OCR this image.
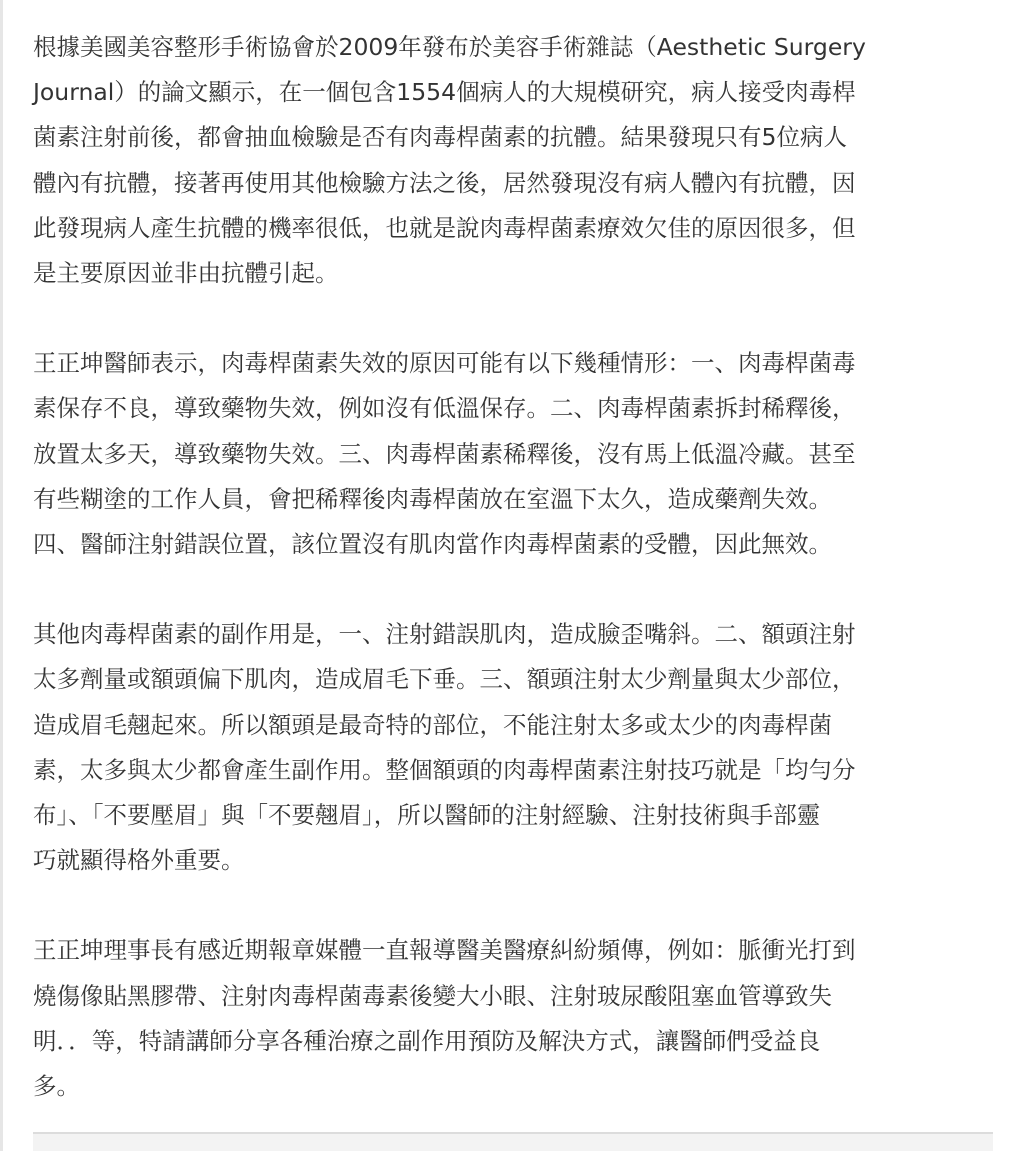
根據美國美容整形手術協會於2009年發布於美容手術雜誌（Aesthetic Surgery
Journal）的論文顯示，在一個包含1554個病人的大規模研究，病人接受肉毒桿
菌素注射前後，都會抽血檢驗是否有肉毒桿菌素的抗體。結果發現只有5位病人
體內有抗體，接著再使用其他檢驗方法之後，居然發現沒有病人體內有抗體，因
此發現病人產生抗體的機率很低，也就是說肉毒桿菌素療效欠佳的原因很多，但
是主要原因並非由抗體引起。

王正坤醫師表示，肉毒桿菌素失效的原因可能有以下幾種情形：一、肉毒桿菌毒
素保存不良，導致藥物失效，例如沒有低溫保存。二、肉毒桿菌素拆封稀釋後，
放置太多天，導致藥物失效。三、肉毒桿菌素稀釋後，沒有馬上低溫冷藏。甚至
有些糊塗的工作人員，會把稀釋後肉毒桿菌放在室溫下太久，造成藥劑失效。
四、醫師注射錯誤位置，該位置沒有肌肉當作肉毒桿菌素的受體，因此無效。

其他肉毒桿菌素的副作用是，一、注射錯誤肌肉，造成臉歪嘴斜。二、額頭注射
太多劑量或額頭偏下肌肉，造成眉毛下垂。三、額頭注射太少劑量與太少部位，
造成眉毛翹起來。所以額頭是最奇特的部位，不能注射太多或太少的肉毒桿菌
素，太多與太少都會產生副作用。整個額頭的肉毒桿菌素注射技巧就是「均勻分
布」、「不要壓眉」與「不要翹眉」，所以醫師的注射經驗、注射技術與手部靈
巧就顯得格外重要。

王正坤理事長有感近期報章媒體一直報導醫美醫療糾紛頻傳，例如：脈衝光打到
燒傷像貼黑膠帶、注射肉毒桿菌毒素後變大小眼、注射玻尿酸阻塞血管導致失
明．．等，特請講師分享各種治療之副作用預防及解決方式，讓醫師們受益良
多。
